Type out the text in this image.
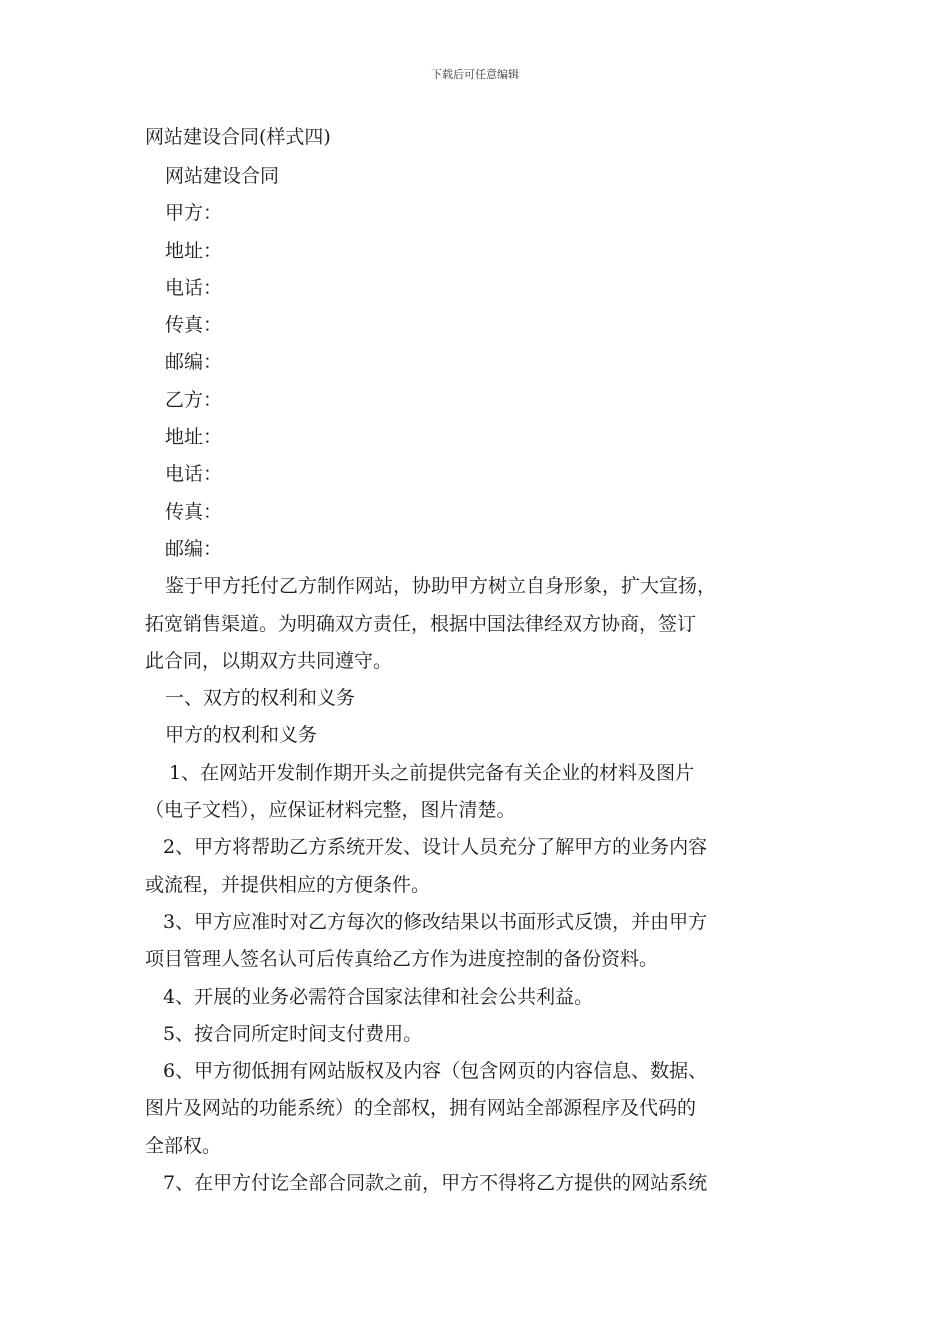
下载后可任意编辑
网站建设合同(样式四)
网站建设合同
甲方：
地址：
电话：
传真：
邮编：
乙方：
地址：
电话：
传真：
邮编：
鉴于甲方托付乙方制作网站，协助甲方树立自身形象，扩大宣扬，
拓宽销售渠道。为明确双方责任，根据中国法律经双方协商，签订
此合同，以期双方共同遵守。
一、双方的权利和义务
甲方的权利和义务
1、在网站开发制作期开头之前提供完备有关企业的材料及图片
（电子文档），应保证材料完整，图片清楚。
2、甲方将帮助乙方系统开发、设计人员充分了解甲方的业务内容
或流程，并提供相应的方便条件。
3、甲方应准时对乙方每次的修改结果以书面形式反馈，并由甲方
项目管理人签名认可后传真给乙方作为进度控制的备份资料。
4、开展的业务必需符合国家法律和社会公共利益。
5、按合同所定时间支付费用。
6、甲方彻低拥有网站版权及内容（包含网页的内容信息、数据、
图片及网站的功能系统）的全部权，拥有网站全部源程序及代码的
全部权。
7、在甲方付讫全部合同款之前，甲方不得将乙方提供的网站系统
